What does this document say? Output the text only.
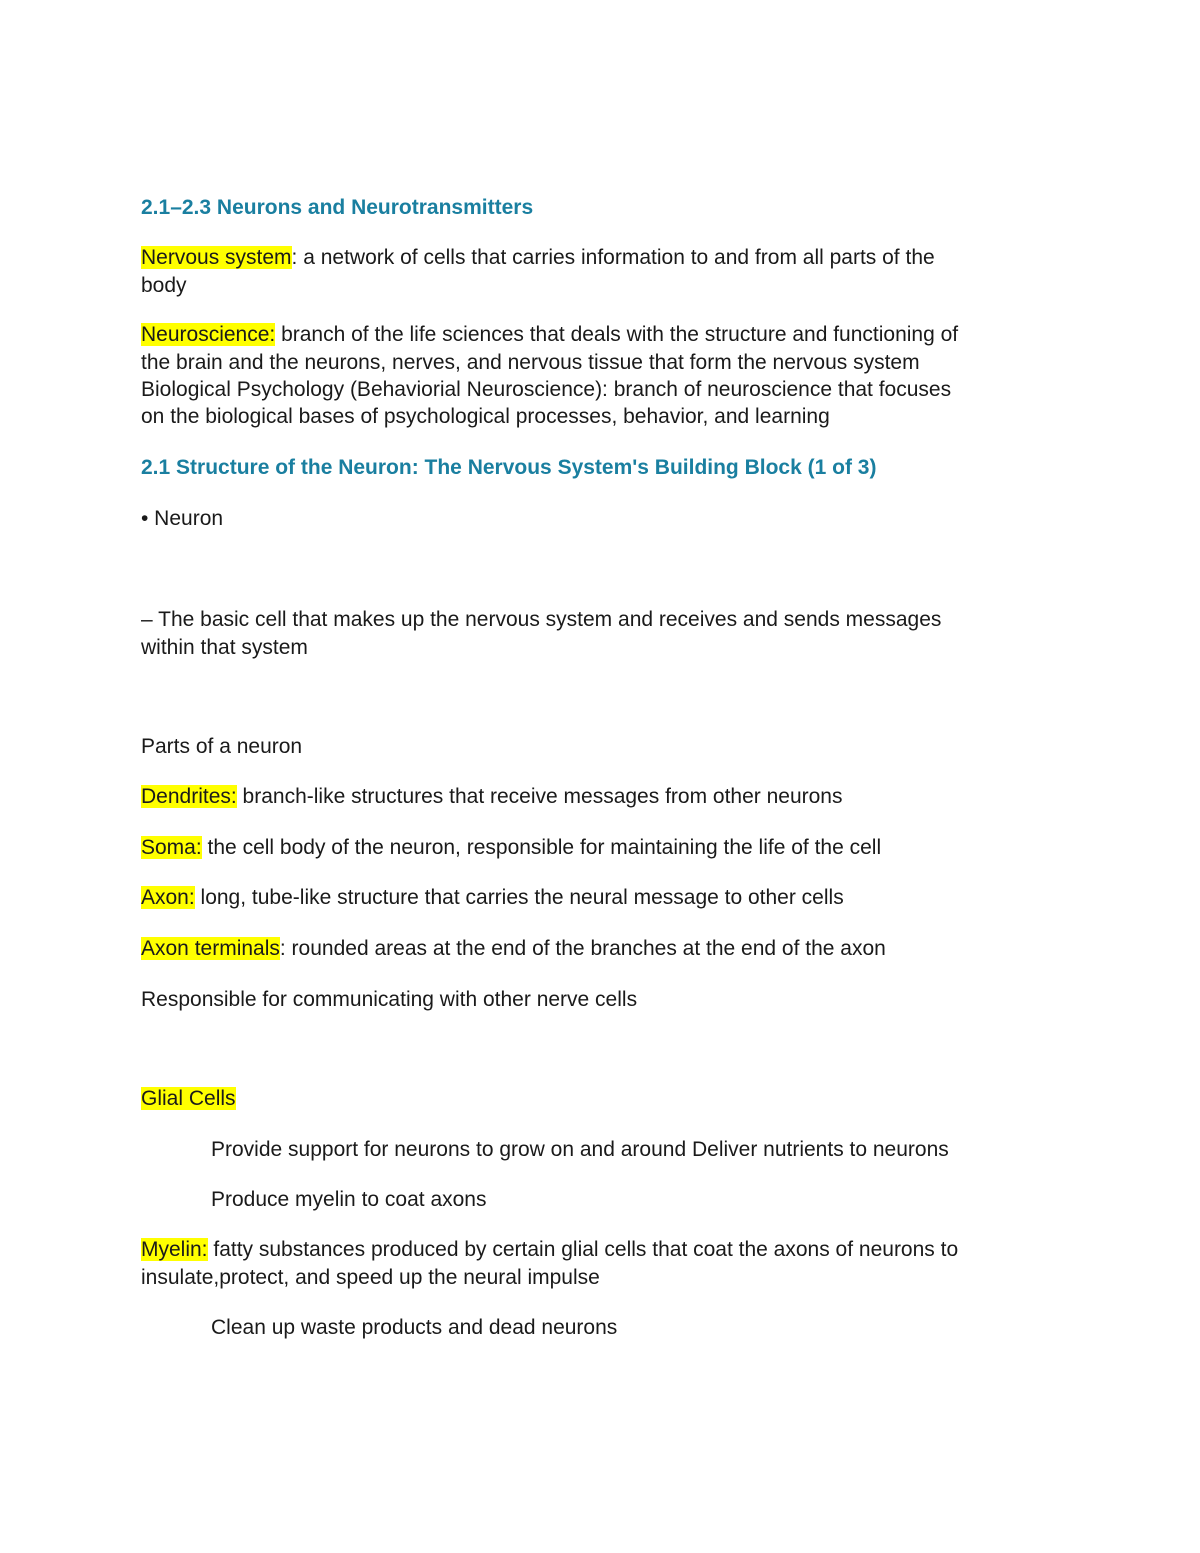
2.1–2.3 Neurons and Neurotransmitters

Nervous system: a network of cells that carries information to and from all parts of the

body

Neuroscience: branch of the life sciences that deals with the structure and functioning of

the brain and the neurons, nerves, and nervous tissue that form the nervous system

Biological Psychology (Behaviorial Neuroscience): branch of neuroscience that focuses

on the biological bases of psychological processes, behavior, and learning

2.1 Structure of the Neuron: The Nervous System's Building Block (1 of 3)

• Neuron

– The basic cell that makes up the nervous system and receives and sends messages

within that system

Parts of a neuron

Dendrites: branch-like structures that receive messages from other neurons

Soma: the cell body of the neuron, responsible for maintaining the life of the cell

Axon: long, tube-like structure that carries the neural message to other cells

Axon terminals: rounded areas at the end of the branches at the end of the axon

Responsible for communicating with other nerve cells

Glial Cells

Provide support for neurons to grow on and around Deliver nutrients to neurons

Produce myelin to coat axons

Myelin: fatty substances produced by certain glial cells that coat the axons of neurons to

insulate,protect, and speed up the neural impulse

Clean up waste products and dead neurons
